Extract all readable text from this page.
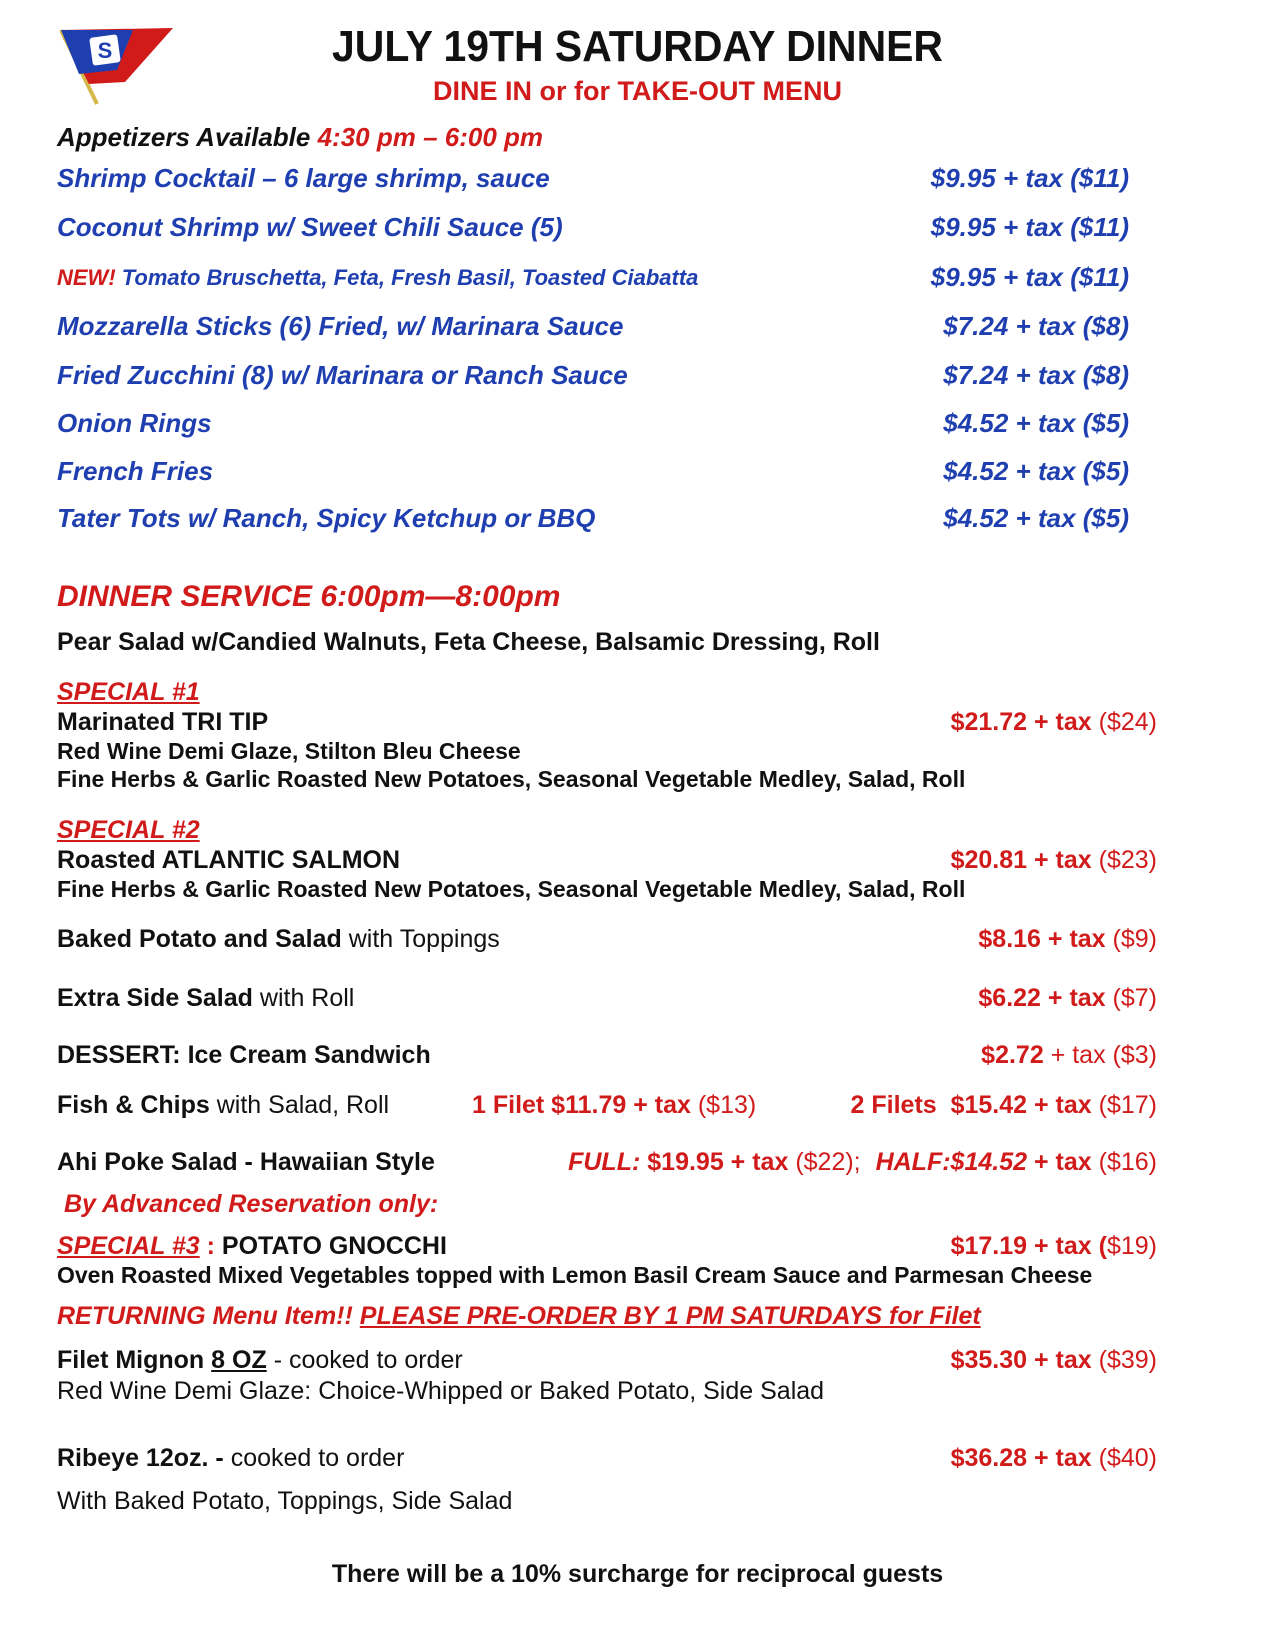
S	JULY 19TH SATURDAY DINNER
DINE IN or for TAKE-OUT MENU
Appetizers Available 4:30 pm – 6:00 pm
Shrimp Cocktail – 6 large shrimp, sauce	$9.95 + tax ($11)
Coconut Shrimp w/ Sweet Chili Sauce (5)	$9.95 + tax ($11)
NEW! Tomato Bruschetta, Feta, Fresh Basil, Toasted Ciabatta	$9.95 + tax ($11)
Mozzarella Sticks (6) Fried, w/ Marinara Sauce	$7.24 + tax ($8)
Fried Zucchini (8) w/ Marinara or Ranch Sauce	$7.24 + tax ($8)
Onion Rings	$4.52 + tax ($5)
French Fries	$4.52 + tax ($5)
Tater Tots w/ Ranch, Spicy Ketchup or BBQ	$4.52 + tax ($5)
DINNER SERVICE 6:00pm—8:00pm
Pear Salad w/Candied Walnuts, Feta Cheese, Balsamic Dressing, Roll
SPECIAL #1
Marinated TRI TIP	$21.72 + tax ($24)
Red Wine Demi Glaze, Stilton Bleu Cheese
Fine Herbs & Garlic Roasted New Potatoes, Seasonal Vegetable Medley, Salad, Roll
SPECIAL #2
Roasted ATLANTIC SALMON	$20.81 + tax ($23)
Fine Herbs & Garlic Roasted New Potatoes, Seasonal Vegetable Medley, Salad, Roll
Baked Potato and Salad with Toppings	$8.16 + tax ($9)
Extra Side Salad with Roll	$6.22 + tax ($7)
DESSERT: Ice Cream Sandwich	$2.72 + tax ($3)
Fish & Chips with Salad, Roll	1 Filet $11.79 + tax ($13)	2 Filets  $15.42 + tax ($17)
Ahi Poke Salad - Hawaiian Style	FULL: $19.95 + tax ($22); HALF:$14.52 + tax ($16)
By Advanced Reservation only:
SPECIAL #3 : POTATO GNOCCHI	$17.19 + tax ($19)
Oven Roasted Mixed Vegetables topped with Lemon Basil Cream Sauce and Parmesan Cheese
RETURNING Menu Item!! PLEASE PRE-ORDER BY 1 PM SATURDAYS for Filet
Filet Mignon 8 OZ - cooked to order	$35.30 + tax ($39)
Red Wine Demi Glaze: Choice-Whipped or Baked Potato, Side Salad
Ribeye 12oz. - cooked to order	$36.28 + tax ($40)
With Baked Potato, Toppings, Side Salad
There will be a 10% surcharge for reciprocal guests
